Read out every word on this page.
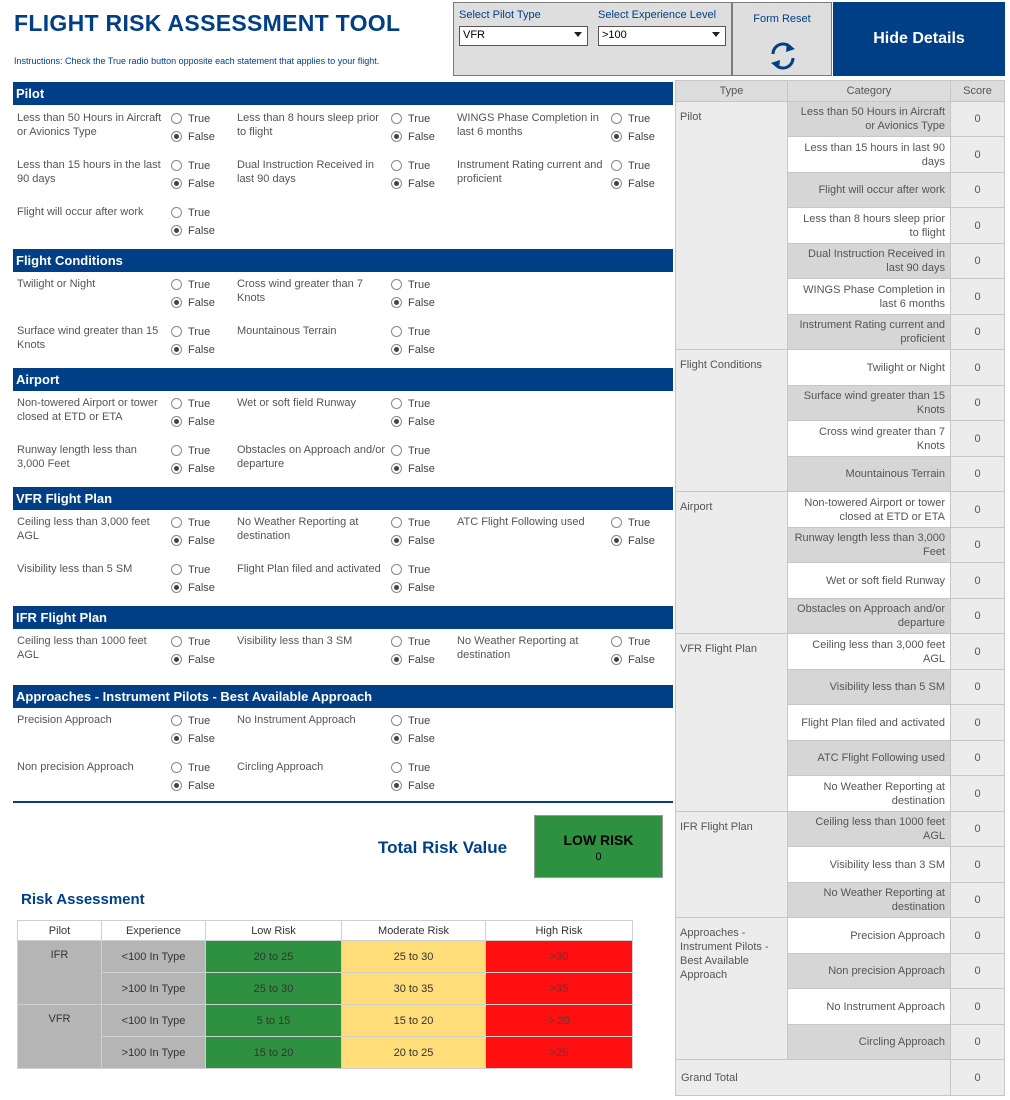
FLIGHT RISK ASSESSMENT TOOL
Instructions: Check the True radio button opposite each statement that applies to your flight.
Select Pilot Type	Select Experience Level
VFR	>100
Form Reset
Hide Details
Pilot
Less than 50 Hours in Aircraft or Avionics Type
True
False
Less than 8 hours sleep prior to flight
True
False
WINGS Phase Completion in last 6 months
True
False
Less than 15 hours in the last 90 days
True
False
Dual Instruction Received in last 90 days
True
False
Instrument Rating current and proficient
True
False
Flight will occur after work	True
False
Flight Conditions
Twilight or Night	True
False
Cross wind greater than 7 Knots
True
False
Surface wind greater than 15 Knots
True
False
Mountainous Terrain	True
False
Airport
Non-towered Airport or tower closed at ETD or ETA
True
False
Wet or soft field Runway	True
False
Runway length less than 3,000 Feet
True
False
Obstacles on Approach and/or departure
True
False
VFR Flight Plan
Ceiling less than 3,000 feet AGL
True
False
No Weather Reporting at destination
True
False
ATC Flight Following used	True
False
Visibility less than 5 SM	True
False
Flight Plan filed and activated	True
False
IFR Flight Plan
Ceiling less than 1000 feet AGL
True
False
Visibility less than 3 SM	True
False
No Weather Reporting at destination
True
False
Approaches - Instrument Pilots - Best Available Approach
Precision Approach	True
False
No Instrument Approach	True
False
Non precision Approach	True
False
Circling Approach	True
False
Total Risk Value	LOW RISK
0
Risk Assessment
Pilot	Experience	Low Risk	Moderate Risk	High Risk
IFR	<100 In Type	20 to 25	25 to 30	>30
	>100 In Type	25 to 30	30 to 35	>35
VFR	<100 In Type	5 to 15	15 to 20	> 20
	>100 In Type	15 to 20	20 to 25	>25
Type	Category	Score
Pilot	Less than 50 Hours in Aircraft or Avionics Type	0
	Less than 15 hours in last 90 days	0
	Flight will occur after work	0
	Less than 8 hours sleep prior to flight	0
	Dual Instruction Received in last 90 days	0
	WINGS Phase Completion in last 6 months	0
	Instrument Rating current and proficient	0
Flight Conditions	Twilight or Night	0
	Surface wind greater than 15 Knots	0
	Cross wind greater than 7 Knots	0
	Mountainous Terrain	0
Airport	Non-towered Airport or tower closed at ETD or ETA	0
	Runway length less than 3,000 Feet	0
	Wet or soft field Runway	0
	Obstacles on Approach and/or departure	0
VFR Flight Plan	Ceiling less than 3,000 feet AGL	0
	Visibility less than 5 SM	0
	Flight Plan filed and activated	0
	ATC Flight Following used	0
	No Weather Reporting at destination	0
IFR Flight Plan	Ceiling less than 1000 feet AGL	0
	Visibility less than 3 SM	0
	No Weather Reporting at destination	0
Approaches - Instrument Pilots - Best Available Approach	Precision Approach	0
	Non precision Approach	0
	No Instrument Approach	0
	Circling Approach	0
Grand Total		0
